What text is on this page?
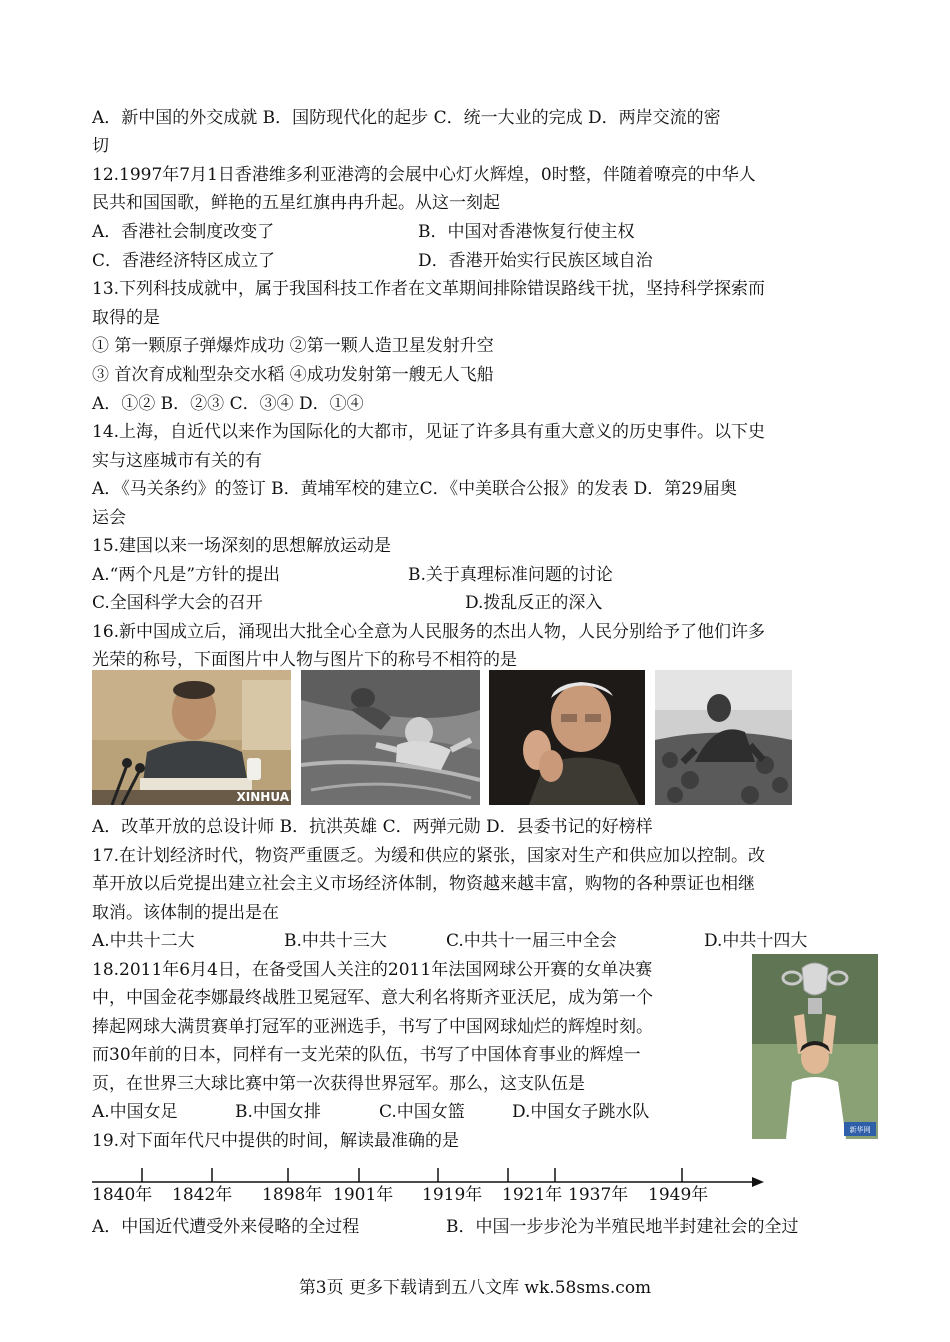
A．新中国的外交成就 B．国防现代化的起步 C．统一大业的完成 D．两岸交流的密
切
12.1997年7月1日香港维多利亚港湾的会展中心灯火辉煌，0时整，伴随着嘹亮的中华人
民共和国国歌，鲜艳的五星红旗冉冉升起。从这一刻起
A．香港社会制度改变了	B．中国对香港恢复行使主权
C．香港经济特区成立了	D．香港开始实行民族区域自治
13.下列科技成就中，属于我国科技工作者在文革期间排除错误路线干扰，坚持科学探索而
取得的是
① 第一颗原子弹爆炸成功 ②第一颗人造卫星发射升空
③ 首次育成籼型杂交水稻 ④成功发射第一艘无人飞船
A．①② B．②③ C．③④ D．①④
14.上海，自近代以来作为国际化的大都市，见证了许多具有重大意义的历史事件。以下史
实与这座城市有关的有
A．《马关条约》的签订 B．黄埔军校的建立C．《中美联合公报》的发表 D．第29届奥
运会
15.建国以来一场深刻的思想解放运动是
A.“两个凡是”方针的提出	B.关于真理标准问题的讨论
C.全国科学大会的召开	D.拨乱反正的深入
16.新中国成立后，涌现出大批全心全意为人民服务的杰出人物，人民分别给予了他们许多
光荣的称号，下面图片中人物与图片下的称号不相符的是
XINHUA
A．改革开放的总设计师 B．抗洪英雄 C．两弹元勋 D．县委书记的好榜样
17.在计划经济时代，物资严重匮乏。为缓和供应的紧张，国家对生产和供应加以控制。改
革开放以后党提出建立社会主义市场经济体制，物资越来越丰富，购物的各种票证也相继
取消。该体制的提出是在
A.中共十二大	B.中共十三大	C.中共十一届三中全会	D.中共十四大
18.2011年6月4日，在备受国人关注的2011年法国网球公开赛的女单决赛
中，中国金花李娜最终战胜卫冕冠军、意大利名将斯齐亚沃尼，成为第一个
捧起网球大满贯赛单打冠军的亚洲选手，书写了中国网球灿烂的辉煌时刻。
而30年前的日本，同样有一支光荣的队伍，书写了中国体育事业的辉煌一
页，在世界三大球比赛中第一次获得世界冠军。那么，这支队伍是
A.中国女足	B.中国女排	C.中国女篮	D.中国女子跳水队
新华网
19.对下面年代尺中提供的时间，解读最准确的是
1840年 1842年 1898年 1901年 1919年 1921年 1937年 1949年
A．中国近代遭受外来侵略的全过程	B．中国一步步沦为半殖民地半封建社会的全过
第3页 更多下载请到五八文库 wk.58sms.com
